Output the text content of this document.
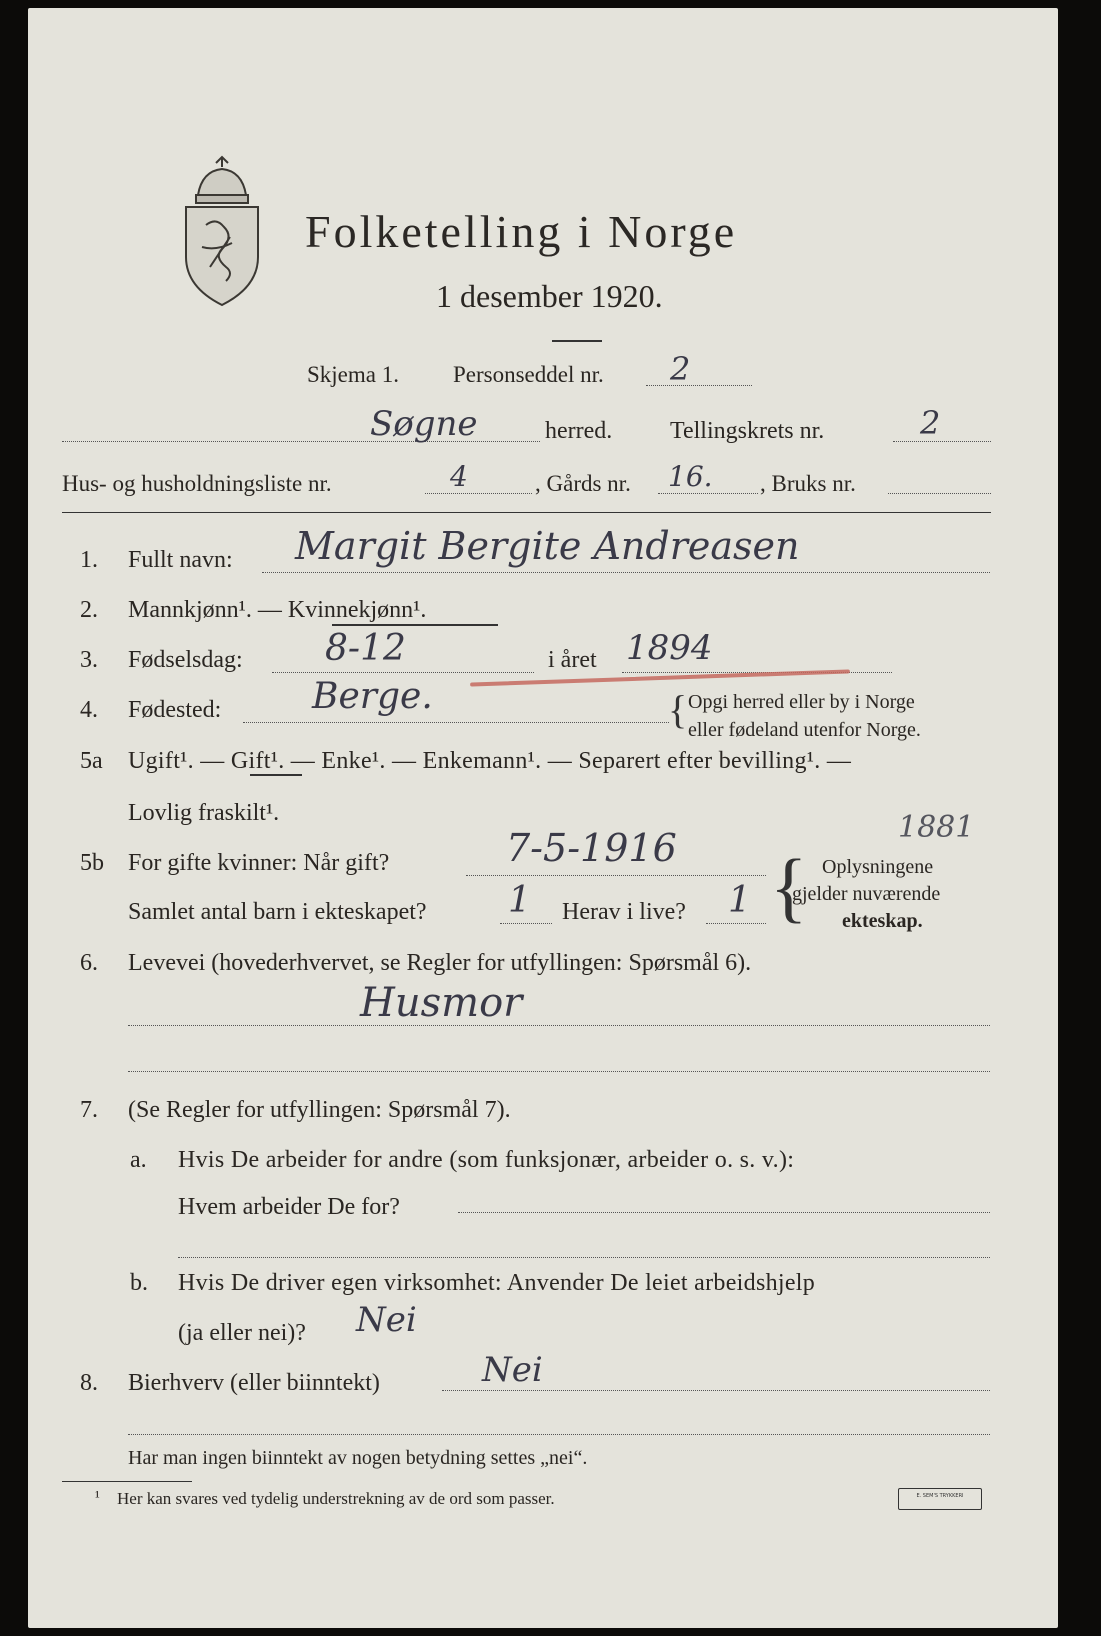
Folketelling i Norge
1 desember 1920.
Skjema 1. Personseddel nr. 2
Søgne	herred. Tellingskrets nr.	2
Hus- og husholdningsliste nr.	4	, Gårds nr. 16. , Bruks nr.
1. Fullt navn: Margit Bergite Andreasen
2. Mannkjønn¹. — Kvinnekjønn¹.
3. Fødselsdag: 8-12	i året 1894
4. Fødested:	Berge.	{ Opgi herred eller by i Norge
eller fødeland utenfor Norge.
5a Ugift¹. — Gift¹. — Enke¹. — Enkemann¹. — Separert efter bevilling¹. —
Lovlig fraskilt¹.	1881
5b For gifte kvinner: Når gift?	7-5-1916
Samlet antal barn i ekteskapet? 1 Herav i live? 1 { Oplysningene
gjelder nuværende
ekteskap.
6. Levevei (hovederhvervet, se Regler for utfyllingen: Spørsmål 6).
Husmor
7. (Se Regler for utfyllingen: Spørsmål 7).
a. Hvis De arbeider for andre (som funksjonær, arbeider o. s. v.):
Hvem arbeider De for?
b. Hvis De driver egen virksomhet: Anvender De leiet arbeidshjelp
(ja eller nei)? Nei
8. Bierhverv (eller biinntekt)	Nei
Har man ingen biinntekt av nogen betydning settes „nei“.
¹ Her kan svares ved tydelig understrekning av de ord som passer.	E. SEM'S TRYKKERI
